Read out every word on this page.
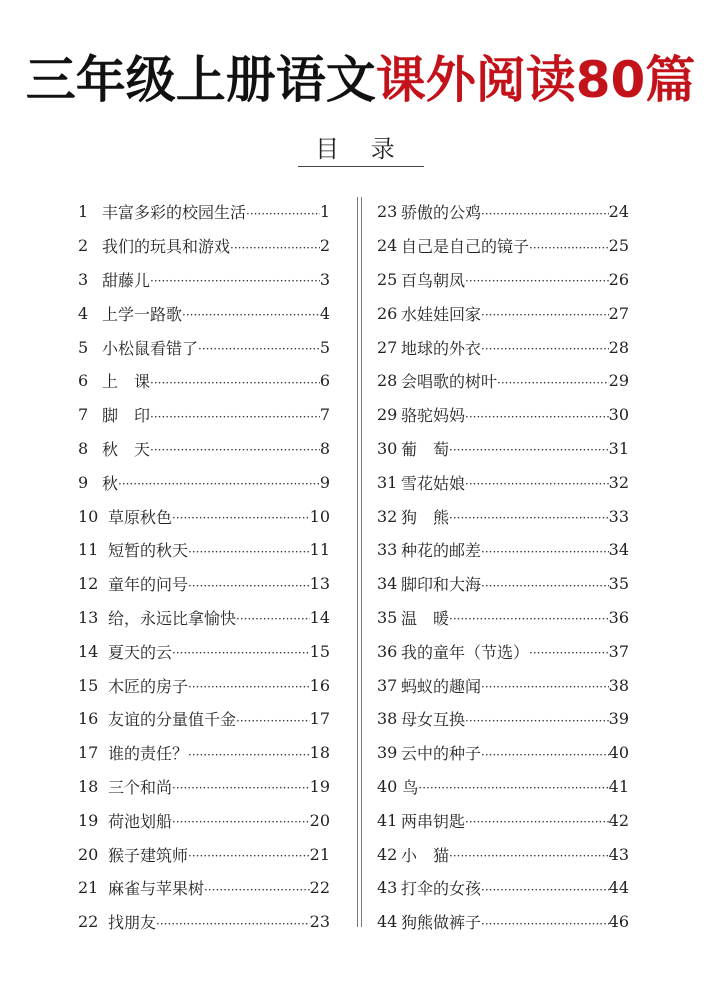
三年级上册语文课外阅读80篇
目 录
1 丰富多彩的校园生活 ·····	1
2 我们的玩具和游戏 ·····	2
3 甜藤儿 ·····	3
4 上学一路歌 ·····	4
5 小松鼠看错了 ·····	5
6 上　课 ·····	6
7 脚　印 ·····	7
8 秋　天 ·····	8
9 秋 ·····	9
10 草原秋色 ·····	10
11 短暂的秋天 ·····	11
12 童年的问号 ·····	13
13 给，永远比拿愉快 ·····	14
14 夏天的云 ·····	15
15 木匠的房子 ·····	16
16 友谊的分量值千金 ·····	17
17 谁的责任？ ·····	18
18 三个和尚 ·····	19
19 荷池划船 ·····	20
20 猴子建筑师 ·····	21
21 麻雀与苹果树 ·····	22
22 找朋友 ·····	23
23 骄傲的公鸡 ·····	24
24 自己是自己的镜子 ·····	25
25 百鸟朝凤 ·····	26
26 水娃娃回家 ·····	27
27 地球的外衣 ·····	28
28 会唱歌的树叶 ·····	29
29 骆驼妈妈 ·····	30
30 葡　萄 ·····	31
31 雪花姑娘 ·····	32
32 狗　熊 ·····	33
33 种花的邮差 ·····	34
34 脚印和大海 ·····	35
35 温　暖 ·····	36
36 我的童年（节选） ·····	37
37 蚂蚁的趣闻 ·····	38
38 母女互换 ·····	39
39 云中的种子 ·····	40
40 鸟 ·····	41
41 两串钥匙 ·····	42
42 小　猫 ·····	43
43 打伞的女孩 ·····	44
44 狗熊做裤子 ·····	46
